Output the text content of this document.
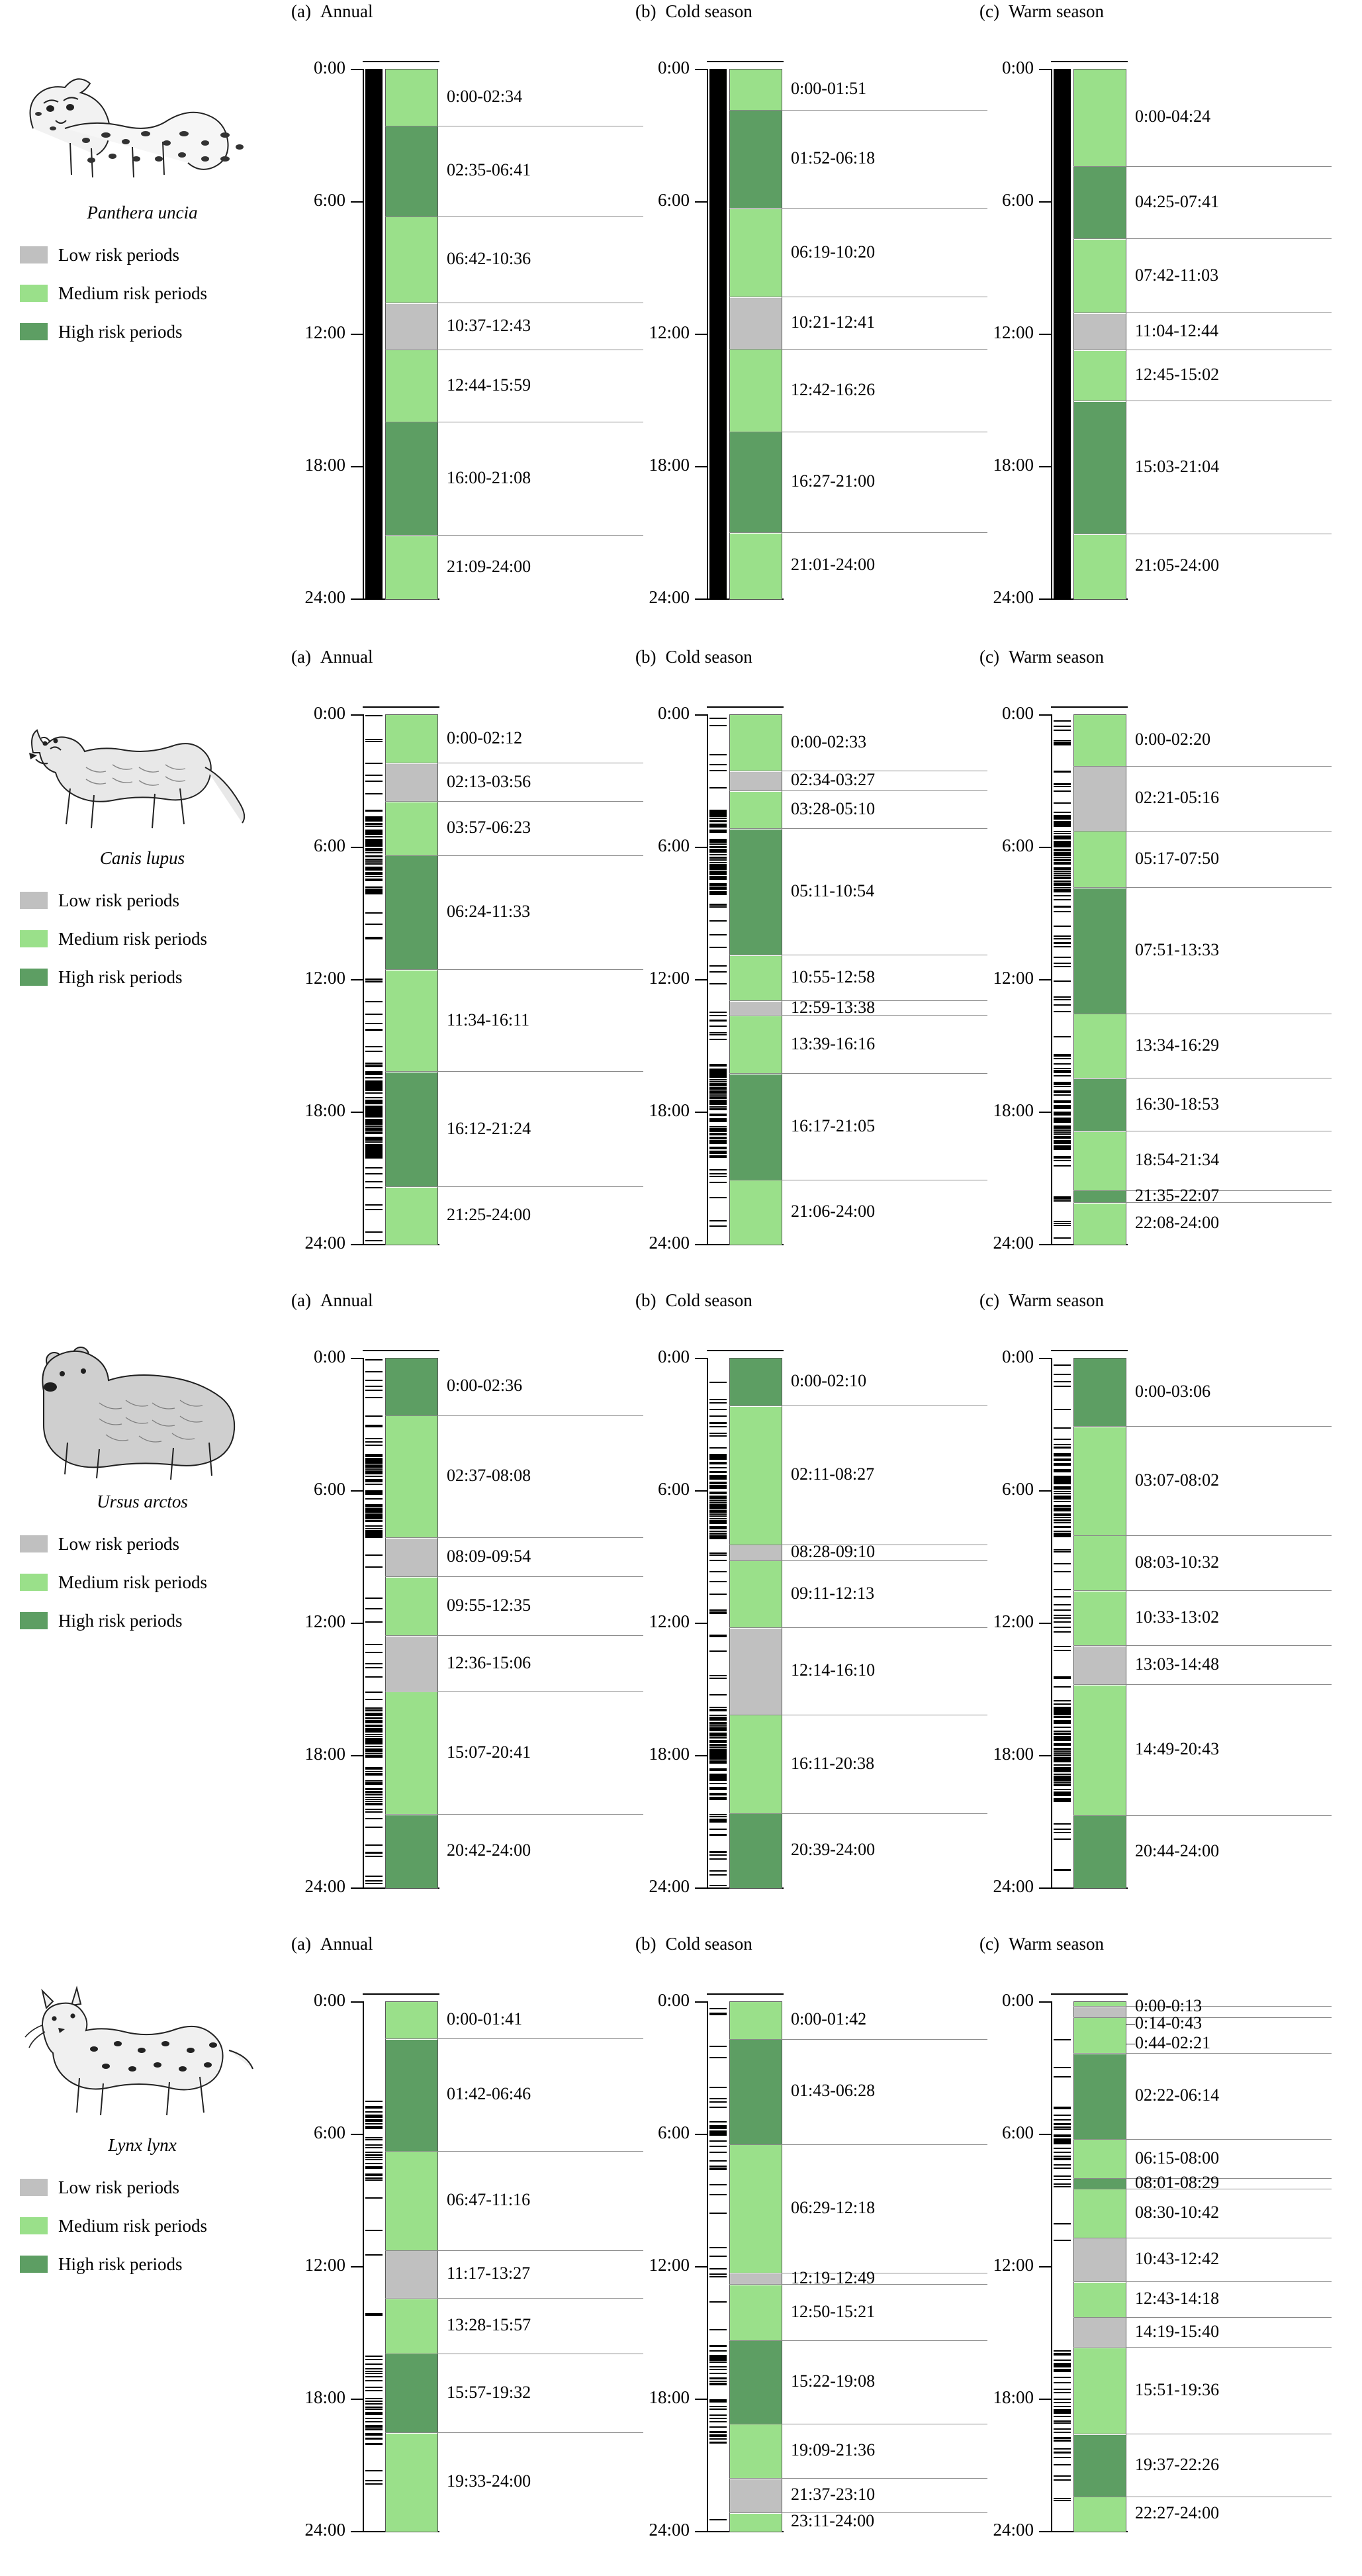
(a) Annual	(b) Cold season	(c) Warm season
Panthera uncia
Low risk periods
Medium risk periods
High risk periods
0:00
6:00
12:00
18:00
24:00
0:00-02:34
02:35-06:41
06:42-10:36
10:37-12:43
12:44-15:59
16:00-21:08
21:09-24:00
0:00
6:00
12:00
18:00
24:00
0:00-01:51
01:52-06:18
06:19-10:20
10:21-12:41
12:42-16:26
16:27-21:00
21:01-24:00
0:00
6:00
12:00
18:00
24:00
0:00-04:24
04:25-07:41
07:42-11:03
11:04-12:44
12:45-15:02
15:03-21:04
21:05-24:00
(a) Annual	(b) Cold season	(c) Warm season
Canis lupus
Low risk periods
Medium risk periods
High risk periods
0:00
6:00
12:00
18:00
24:00
0:00-02:12
02:13-03:56
03:57-06:23
06:24-11:33
11:34-16:11
16:12-21:24
21:25-24:00
0:00
6:00
12:00
18:00
24:00
0:00-02:33
02:34-03:27
03:28-05:10
05:11-10:54
10:55-12:58
12:59-13:38
13:39-16:16
16:17-21:05
21:06-24:00
0:00
6:00
12:00
18:00
24:00
0:00-02:20
02:21-05:16
05:17-07:50
07:51-13:33
13:34-16:29
16:30-18:53
18:54-21:34
21:35-22:07
22:08-24:00
(a) Annual	(b) Cold season	(c) Warm season
Ursus arctos
Low risk periods
Medium risk periods
High risk periods
0:00
6:00
12:00
18:00
24:00
0:00-02:36
02:37-08:08
08:09-09:54
09:55-12:35
12:36-15:06
15:07-20:41
20:42-24:00
0:00
6:00
12:00
18:00
24:00
0:00-02:10
02:11-08:27
08:28-09:10
09:11-12:13
12:14-16:10
16:11-20:38
20:39-24:00
0:00
6:00
12:00
18:00
24:00
0:00-03:06
03:07-08:02
08:03-10:32
10:33-13:02
13:03-14:48
14:49-20:43
20:44-24:00
(a) Annual	(b) Cold season	(c) Warm season
Lynx lynx
Low risk periods
Medium risk periods
High risk periods
0:00
6:00
12:00
18:00
24:00
0:00-01:41
01:42-06:46
06:47-11:16
11:17-13:27
13:28-15:57
15:57-19:32
19:33-24:00
0:00
6:00
12:00
18:00
24:00
0:00-01:42
01:43-06:28
06:29-12:18
12:19-12:49
12:50-15:21
15:22-19:08
19:09-21:36
21:37-23:10
23:11-24:00
0:00
6:00
12:00
18:00
24:00
0:00-0:13
0:14-0:43
0:44-02:21
02:22-06:14
06:15-08:00
08:01-08:29
08:30-10:42
10:43-12:42
12:43-14:18
14:19-15:40
15:51-19:36
19:37-22:26
22:27-24:00
